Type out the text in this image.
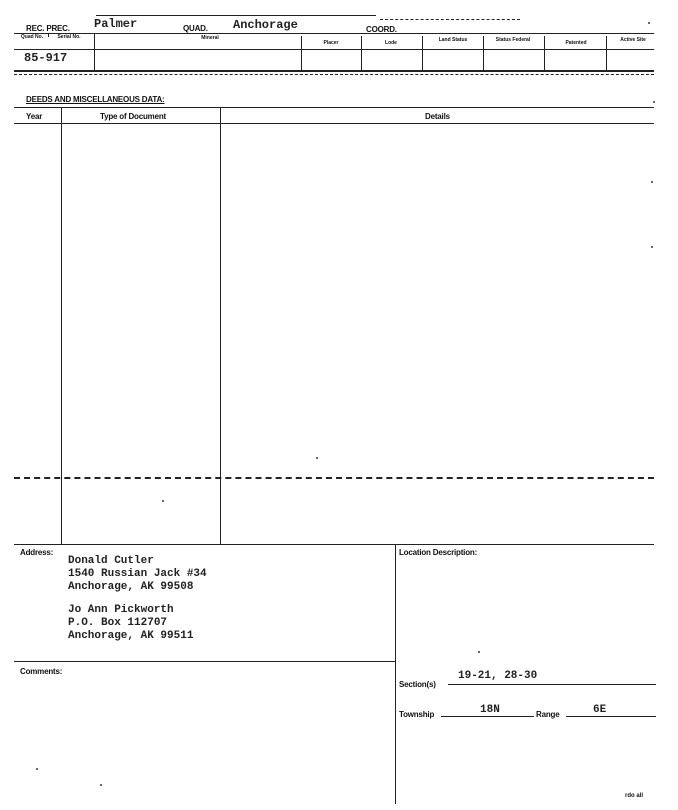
REC. PREC. Palmer	QUAD. Anchorage	COORD.
Quad No.	Serial No.	Mineral
Placer	Lode	Land Status	Status Federal	Patented	Active Site
85-917
DEEDS AND MISCELLANEOUS DATA:
Year	Type of Document	Details
Address:
Donald Cutler
1540 Russian Jack #34
Anchorage, AK 99508
Jo Ann Pickworth
P.O. Box 112707
Anchorage, AK 99511
Location Description:
Section(s)
19-21, 28-30
Township	18N	Range	6E
Comments:
rdo all
